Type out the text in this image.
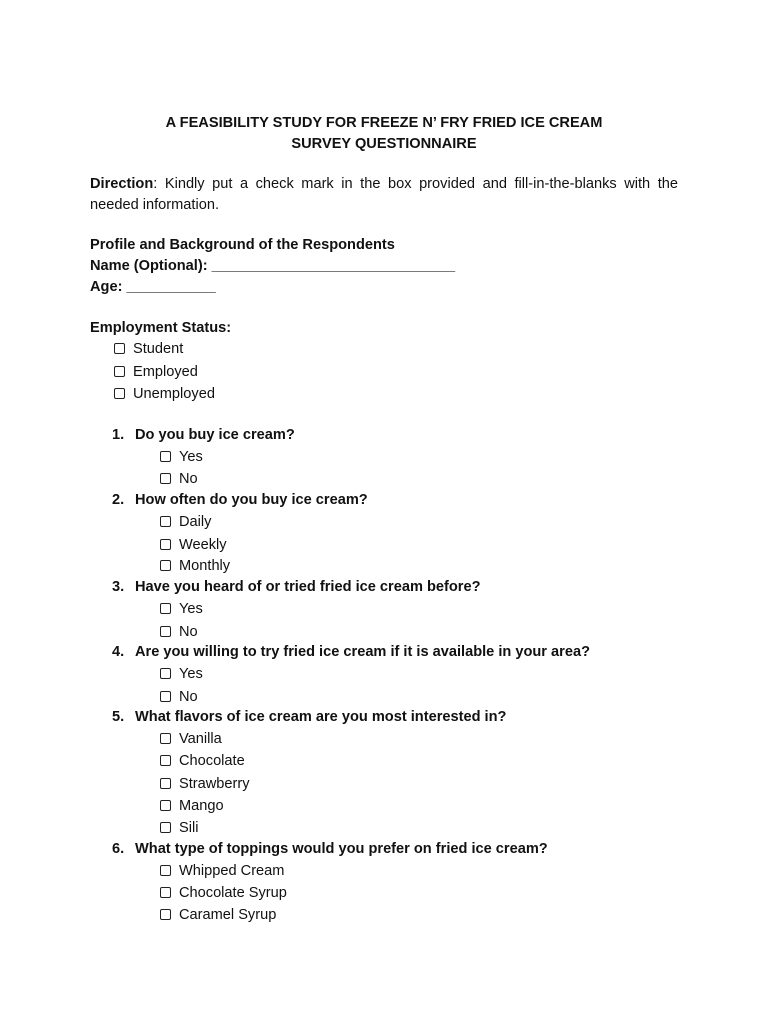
A FEASIBILITY STUDY FOR FREEZE N’ FRY FRIED ICE CREAM
SURVEY QUESTIONNAIRE
Direction: Kindly put a check mark in the box provided and fill-in-the-blanks with the needed information.
Profile and Background of the Respondents
Name (Optional): ______________________________
Age: ___________
Employment Status:
Student
Employed
Unemployed
1. Do you buy ice cream?
Yes
No
2. How often do you buy ice cream?
Daily
Weekly
Monthly
3. Have you heard of or tried fried ice cream before?
Yes
No
4. Are you willing to try fried ice cream if it is available in your area?
Yes
No
5. What flavors of ice cream are you most interested in?
Vanilla
Chocolate
Strawberry
Mango
Sili
6. What type of toppings would you prefer on fried ice cream?
Whipped Cream
Chocolate Syrup
Caramel Syrup
